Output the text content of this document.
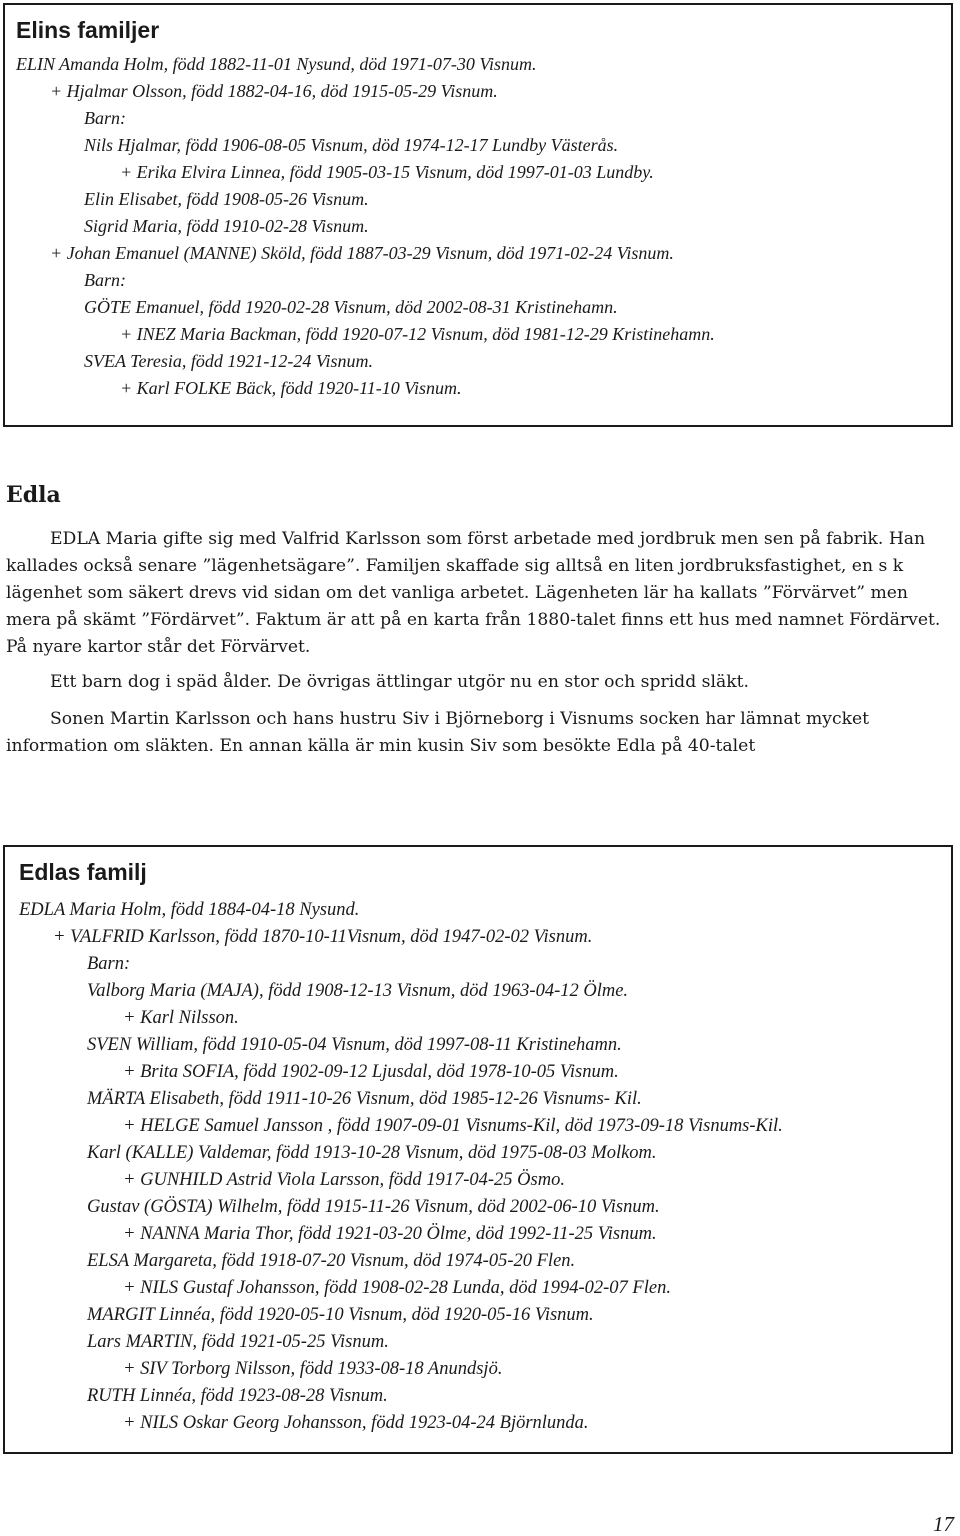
Elins familjer
ELIN Amanda Holm, född 1882-11-01 Nysund, död 1971-07-30 Visnum.
+ Hjalmar Olsson, född 1882-04-16, död 1915-05-29 Visnum.
Barn:
Nils Hjalmar, född 1906-08-05 Visnum, död 1974-12-17 Lundby Västerås.
+ Erika Elvira Linnea, född 1905-03-15 Visnum, död 1997-01-03 Lundby.
Elin Elisabet, född 1908-05-26 Visnum.
Sigrid Maria, född 1910-02-28 Visnum.
+ Johan Emanuel (MANNE) Sköld, född 1887-03-29 Visnum, död 1971-02-24 Visnum.
Barn:
GÖTE Emanuel, född 1920-02-28 Visnum, död 2002-08-31 Kristinehamn.
+ INEZ Maria Backman, född 1920-07-12 Visnum, död 1981-12-29 Kristinehamn.
SVEA Teresia, född 1921-12-24 Visnum.
+ Karl FOLKE Bäck, född 1920-11-10 Visnum.
Edla

EDLA Maria gifte sig med Valfrid Karlsson som först arbetade med jordbruk men sen på fabrik. Han kallades också senare ”lägenhetsägare”. Familjen skaffade sig alltså en liten jordbruksfastighet, en s k lägenhet som säkert drevs vid sidan om det vanliga arbetet. Lägenheten lär ha kallats ”Förvärvet” men mera på skämt ”Fördärvet”. Faktum är att på en karta från 1880-talet finns ett hus med namnet Fördärvet. På nyare kartor står det Förvärvet.

Ett barn dog i späd ålder. De övrigas ättlingar utgör nu en stor och spridd släkt.

Sonen Martin Karlsson och hans hustru Siv i Björneborg i Visnums socken har lämnat mycket information om släkten. En annan källa är min kusin Siv som besökte Edla på 40-talet

Edlas familj
EDLA Maria Holm, född 1884-04-18 Nysund.
+ VALFRID Karlsson, född 1870-10-11Visnum, död 1947-02-02 Visnum.
Barn:
Valborg Maria (MAJA), född 1908-12-13 Visnum, död 1963-04-12 Ölme.
+ Karl Nilsson.
SVEN William, född 1910-05-04 Visnum, död 1997-08-11 Kristinehamn.
+ Brita SOFIA, född 1902-09-12 Ljusdal, död 1978-10-05 Visnum.
MÄRTA Elisabeth, född 1911-10-26 Visnum, död 1985-12-26 Visnums- Kil.
+ HELGE Samuel Jansson , född 1907-09-01 Visnums-Kil, död 1973-09-18 Visnums-Kil.
Karl (KALLE) Valdemar, född 1913-10-28 Visnum, död 1975-08-03 Molkom.
+ GUNHILD Astrid Viola Larsson, född 1917-04-25 Ösmo.
Gustav (GÖSTA) Wilhelm, född 1915-11-26 Visnum, död 2002-06-10 Visnum.
+ NANNA Maria Thor, född 1921-03-20 Ölme, död 1992-11-25 Visnum.
ELSA Margareta, född 1918-07-20 Visnum, död 1974-05-20 Flen.
+ NILS Gustaf Johansson, född 1908-02-28 Lunda, död 1994-02-07 Flen.
MARGIT Linnéa, född 1920-05-10 Visnum, död 1920-05-16 Visnum.
Lars MARTIN, född 1921-05-25 Visnum.
+ SIV Torborg Nilsson, född 1933-08-18 Anundsjö.
RUTH Linnéa, född 1923-08-28 Visnum.
+ NILS Oskar Georg Johansson, född 1923-04-24 Björnlunda.
17
